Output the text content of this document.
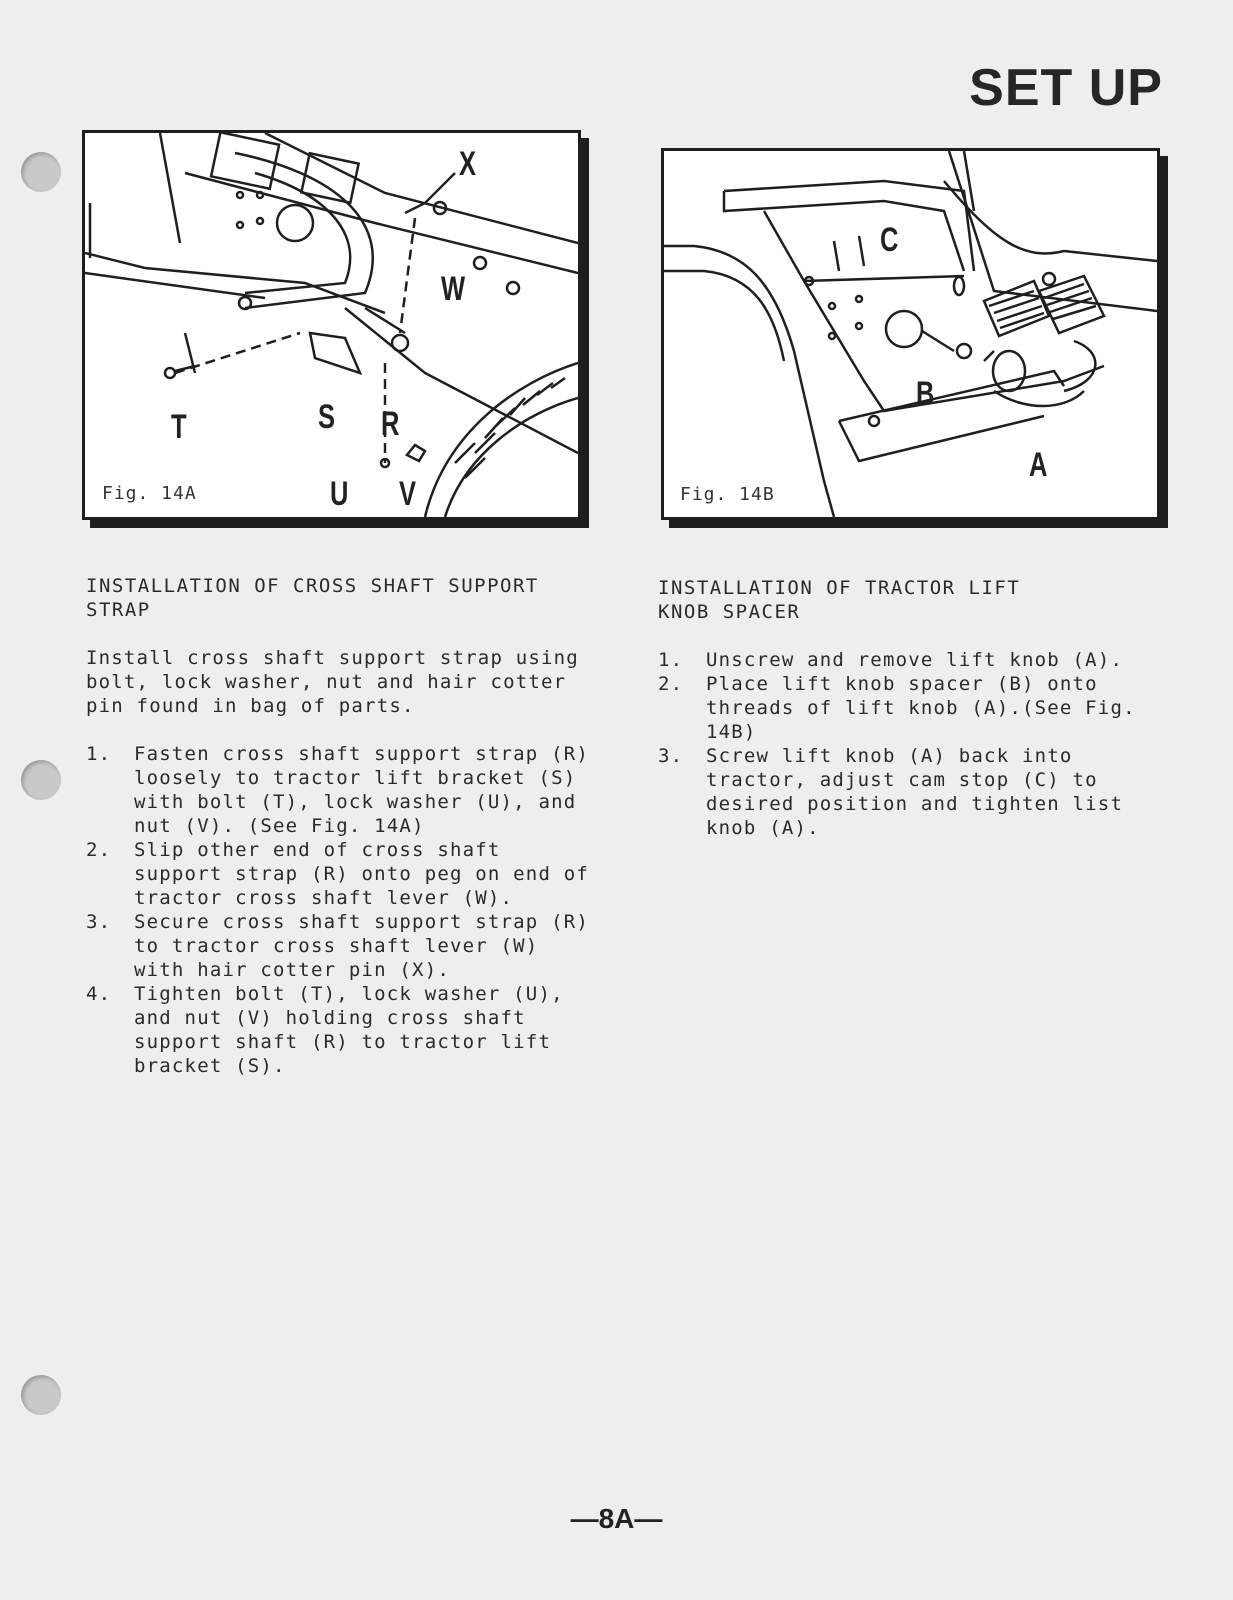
SET UP
X
W
T	S R
U V
Fig. 14A
C
B
A
Fig. 14B
INSTALLATION OF CROSS SHAFT SUPPORT STRAP

Install cross shaft support strap using bolt, lock washer, nut and hair cotter pin found in bag of parts.

1.	Fasten cross shaft support strap (R) loosely to tractor lift bracket (S) with bolt (T), lock washer (U), and nut (V). (See Fig. 14A)
2.	Slip other end of cross shaft support strap (R) onto peg on end of tractor cross shaft lever (W).
3.	Secure cross shaft support strap (R) to tractor cross shaft lever (W) with hair cotter pin (X).
4.	Tighten bolt (T), lock washer (U), and nut (V) holding cross shaft support shaft (R) to tractor lift bracket (S).
INSTALLATION OF TRACTOR LIFT KNOB SPACER
1.	Unscrew and remove lift knob (A).
2.	Place lift knob spacer (B) onto threads of lift knob (A).(See Fig. 14B)
3.	Screw lift knob (A) back into tractor, adjust cam stop (C) to desired position and tighten list knob (A).
—8A—
